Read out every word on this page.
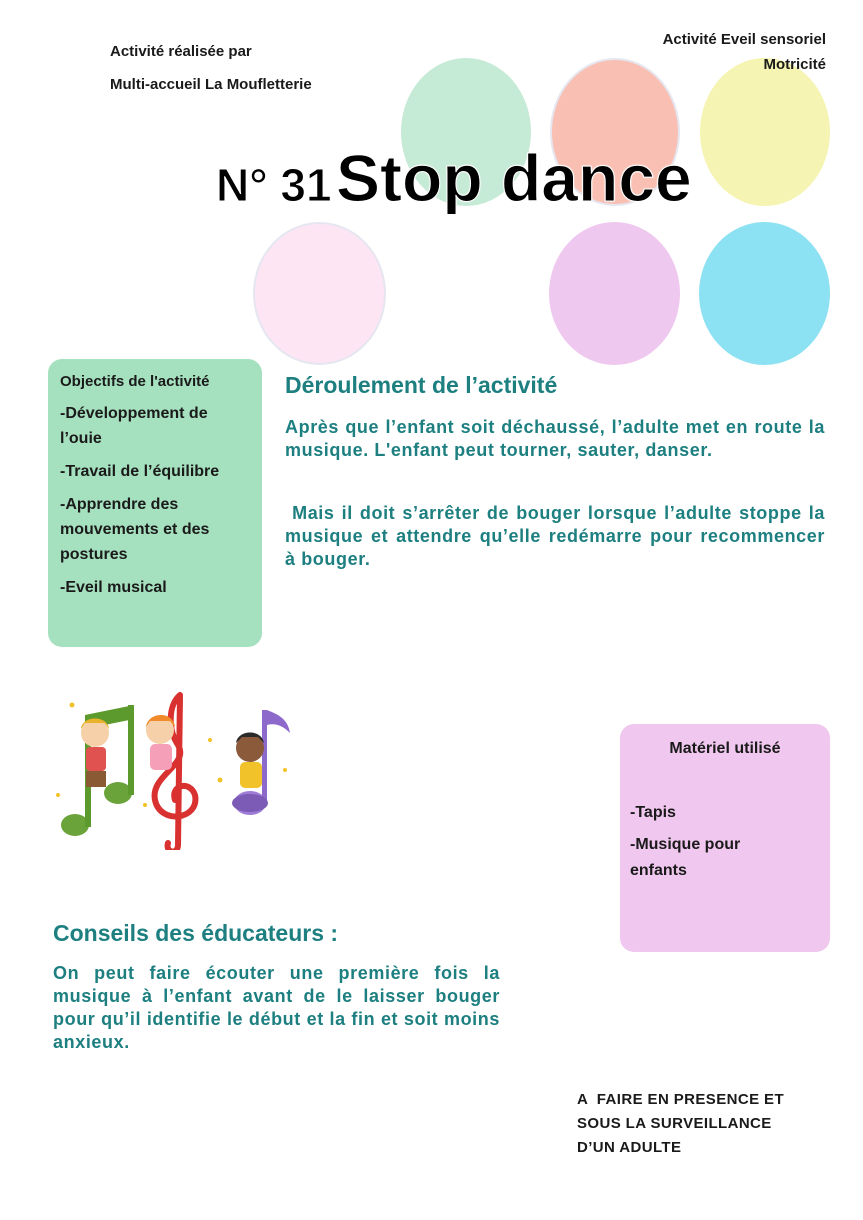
Activité réalisée par
Multi-accueil La Moufletterie
Activité Eveil sensoriel
Motricité
N° 31 Stop dance
Objectifs de l'activité
-Développement de l’ouie
-Travail de l’équilibre
-Apprendre des mouvements et des postures
-Eveil musical
Déroulement de l’activité
Après que l’enfant soit déchaussé, l’adulte met en route la musique. L'enfant peut tourner, sauter, danser.
Mais il doit s’arrêter de bouger lorsque l’adulte stoppe la musique et attendre qu’elle redémarre pour recommencer à bouger.
Matériel utilisé
-Tapis
-Musique pour enfants
Conseils des éducateurs :
On peut faire écouter une première fois la musique à l’enfant avant de le laisser bouger pour qu’il identifie le début et la fin et soit moins anxieux.
A  FAIRE EN PRESENCE ET
SOUS LA SURVEILLANCE
D’UN ADULTE
